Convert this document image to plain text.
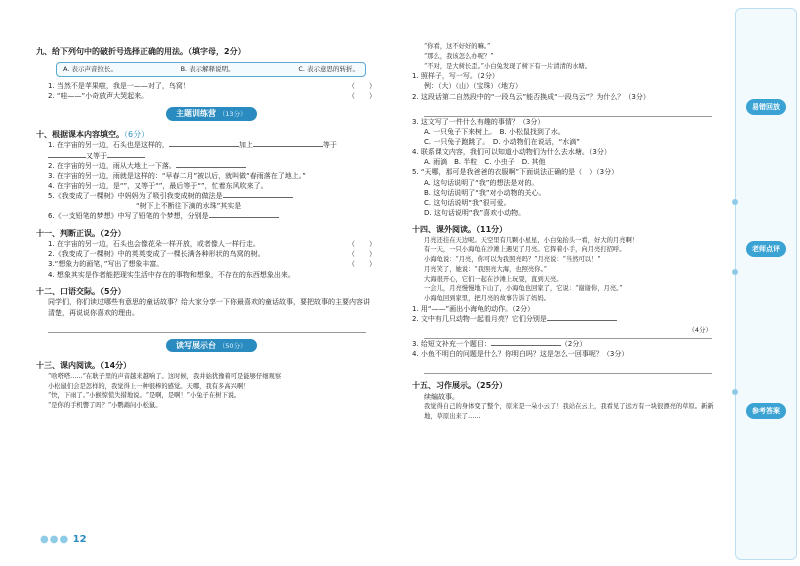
九、给下列句中的破折号选择正确的用法。（填字母，2分）
A. 表示声音拉长。	B. 表示解释说明。	C. 表示意思的转折。
1. 当然不是苹果啦，我是一——对了，鸟窝！	（　　）
2. “哇——”小奇放声大哭起来。	（　　）
主题训练营 （13分）
十、根据课本内容填空。（6分）
1. 在宇宙的另一边，石头也是这样的，	加上	等于
又等于
2. 在宇宙的另一边，雨从大地上一下落。
3. 在宇宙的另一边，雨就是这样的：“早春二月”被以后，就叫做“春雨落在了地上。”
4. 在宇宙的另一边，是“”，又等于“”，最后等于“”，忙着东风吹来了。
5.《我变成了一棵树》中妈妈为了吸引我变成树的做法是
“树下上不断往下滴的水珠”其实是
6.《一支铅笔的梦想》中写了铅笔的个梦想，分别是
十一、判断正误。（2分）
1. 在宇宙的另一边，石头也会像花朵一样开放，或者像人一样行走。	（　　）
2.《我变成了一棵树》中的英英变成了一棵长满各种形状的鸟窝的树。	（　　）
3.“想象力的画笔，”写出了想象丰富。	（　　）
4. 想象其实是作者能把现实生活中存在的事物和想象，不存在的东西想象出来。
十二、口语交际。（5分）
同学们，你们读过哪些有意思的童话故事？给大家分享一下你最喜欢的童话故事，要把故事的主要内容讲清楚，再说说你喜欢的理由。
读写展示台 （50分）
十三、课内阅读。（14分）
“啥嗒嗒……”在耿子里的声音越来越响了。这时候，我并始犹豫着可是能够仔细观察
小松鼠们会是怎样的，我觉得上一种很棒的感觉。天哪，我有多高兴啊！
“快，下雨了。”小猴惊慌失措地说。“是啊，是啊！”小兔子在树下说。
“是你的手机響了吗？”小鹦鹉问小松鼠。
“你看，这不好好的嘛。”
“那么，我该怎么办呢？”
“不对，是大树长歪。”小白兔发现了树下有一片清清的水塘。
1. 照样子，写一写。（2分）
例：（大）（山）（宝珠）（地方）
2. 这段话第二自然段中的“一段乌云”能否换成“一段乌云”？为什么？（3分）
3. 这文写了一件什么有趣的事情？（3分）
A. 一只兔子下来树上。　B. 小松鼠找到了水。
C. 一只兔子跑跳了。　D. 小动物们在说话，“水滴”
4. 联系课文内容，我们可以知道小动物们为什么去水塘。（3分）
A. 雨滴　B. 半粒　C. 小虫子　D. 其他
5. “天哪，那可是我爸爸的衣服啊”下面说法正确的是（　）（3分）
A. 这句话说明了“我”的想法是对的。
B. 这句话说明了“我”对小动物的关心。
C. 这句话说明“我”很可爱。
D. 这句话说明“我”喜欢小动物。
十四、课外阅读。（11分）
月亮还挂在天边呢。天空里有几颗小星星，小白兔抬头一看，好大的月亮啊！
有一天，一只小海龟在沙滩上遇见了月亮。它挥着小手，向月亮打招呼。
小海龟说：“月亮，你可以为我照亮吗？”月亮说：“当然可以！”
月亮笑了，她说：“我照亮大海，也照亮你。”
大海很开心，它们一起在沙滩上玩耍，直到天亮。
一会儿，月亮慢慢地下山了，小海龟也回家了，它说：“谢谢你，月亮。”
小海龟回到家里，把月亮的故事告诉了妈妈。
1. 用“——”画出小海龟的动作。（2分）
2. 文中有几只动物一起看月亮？它们分别是
（4分）
3. 给短文补充一个题目：	（2分）
4. 小鱼不明白的问题是什么？你明白吗？这是怎么一回事呢？（3分）
十五、习作展示。（25分）
续编故事。
我觉得自己的身体变了整个，原来是一朵小云了！我站在云上，我看见了远方有一块很漂亮的草原。新新地，草原出来了……
易错回放
老师点评
参考答案
●●● 12
